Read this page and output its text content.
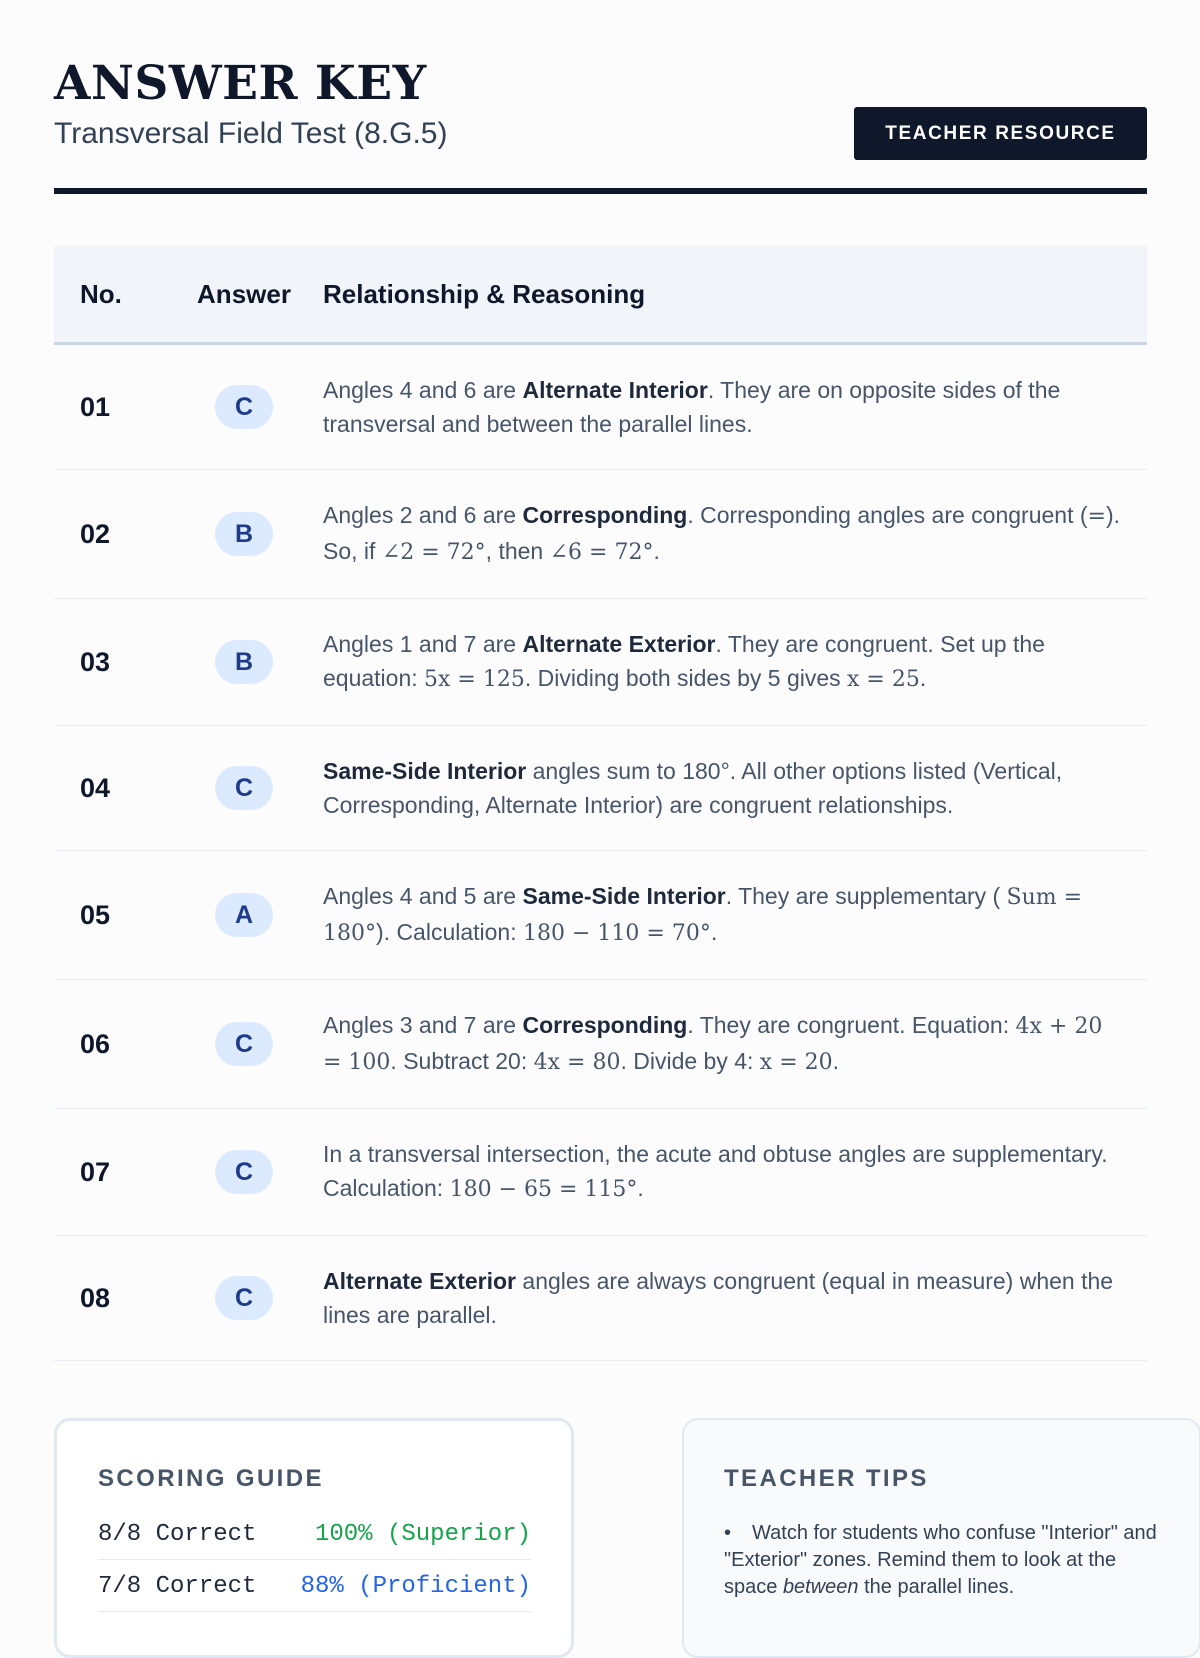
ANSWER KEY
Transversal Field Test (8.G.5)	TEACHER RESOURCE
No.	Answer	Relationship & Reasoning
01	C	Angles 4 and 6 are Alternate Interior. They are on opposite sides of the transversal and between the parallel lines.
02	B	Angles 2 and 6 are Corresponding. Corresponding angles are congruent (=). So, if ∠2 = 72°, then ∠6 = 72°.
03	B	Angles 1 and 7 are Alternate Exterior. They are congruent. Set up the equation: 5x = 125. Dividing both sides by 5 gives x = 25.
04	C	Same-Side Interior angles sum to 180°. All other options listed (Vertical, Corresponding, Alternate Interior) are congruent relationships.
05	A	Angles 4 and 5 are Same-Side Interior. They are supplementary ( Sum = 180°). Calculation: 180 − 110 = 70°.
06	C	Angles 3 and 7 are Corresponding. They are congruent. Equation: 4x + 20 = 100. Subtract 20: 4x = 80. Divide by 4: x = 20.
07	C	In a transversal intersection, the acute and obtuse angles are supplementary. Calculation: 180 − 65 = 115°.
08	C	Alternate Exterior angles are always congruent (equal in measure) when the lines are parallel.
SCORING GUIDE
8/8 Correct 100% (Superior)
7/8 Correct 88% (Proficient)
TEACHER TIPS
• Watch for students who confuse "Interior" and "Exterior" zones. Remind them to look at the space between the parallel lines.
